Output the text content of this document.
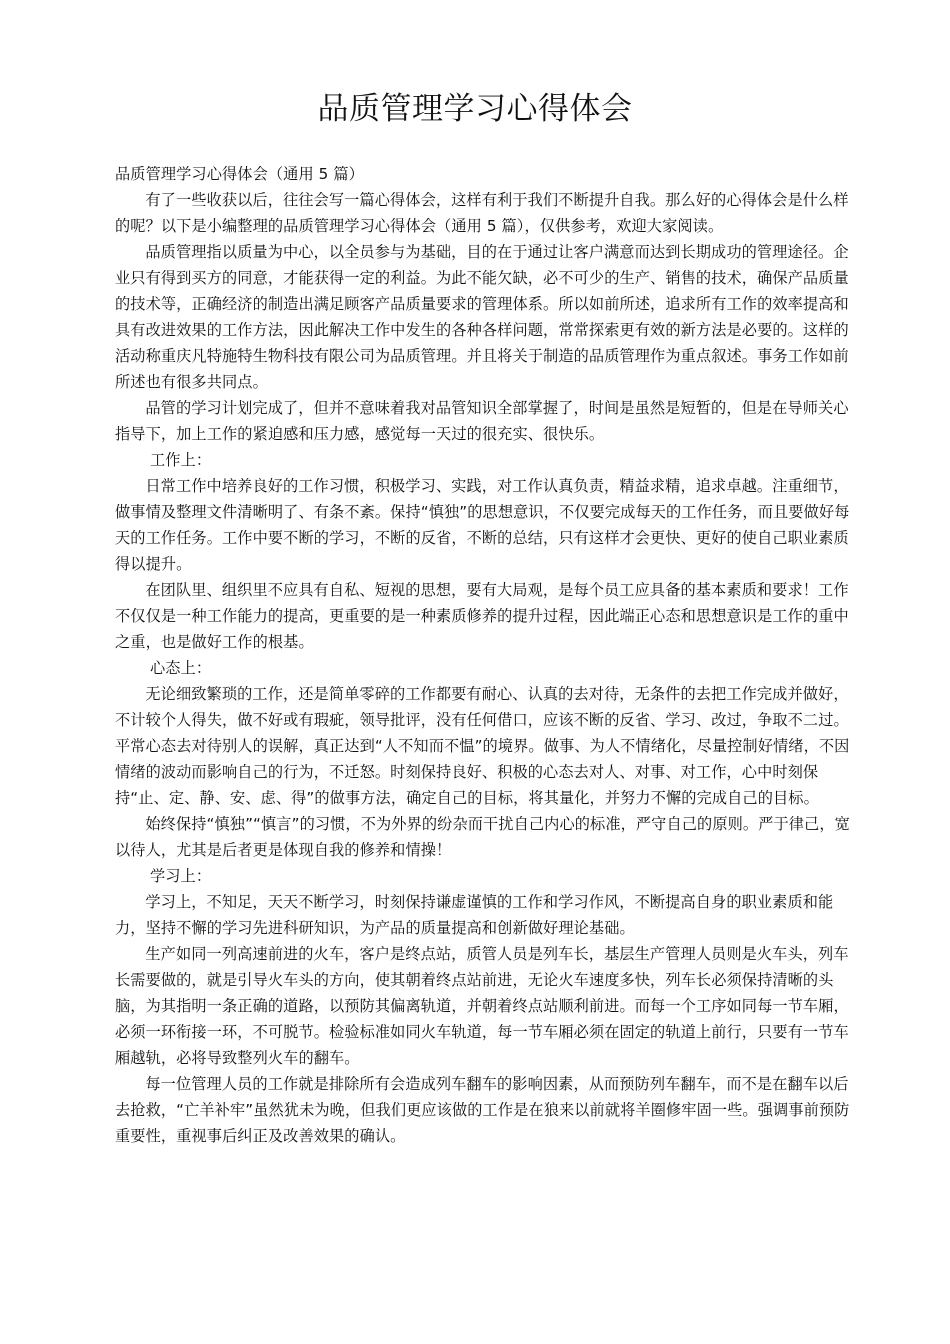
品质管理学习心得体会

品质管理学习心得体会（通用 5 篇）

有了一些收获以后，往往会写一篇心得体会，这样有利于我们不断提升自我。那么好的心得体会是什么样的呢？以下是小编整理的品质管理学习心得体会（通用 5 篇），仅供参考，欢迎大家阅读。

品质管理指以质量为中心，以全员参与为基础，目的在于通过让客户满意而达到长期成功的管理途径。企业只有得到买方的同意，才能获得一定的利益。为此不能欠缺，必不可少的生产、销售的技术，确保产品质量的技术等，正确经济的制造出满足顾客产品质量要求的管理体系。所以如前所述，追求所有工作的效率提高和具有改进效果的工作方法，因此解决工作中发生的各种各样问题，常常探索更有效的新方法是必要的。这样的活动称重庆凡特施特生物科技有限公司为品质管理。并且将关于制造的品质管理作为重点叙述。事务工作如前所述也有很多共同点。

品管的学习计划完成了，但并不意味着我对品管知识全部掌握了，时间是虽然是短暂的，但是在导师关心指导下，加上工作的紧迫感和压力感，感觉每一天过的很充实、很快乐。

工作上：

日常工作中培养良好的工作习惯，积极学习、实践，对工作认真负责，精益求精，追求卓越。注重细节，做事情及整理文件清晰明了、有条不紊。保持“慎独”的思想意识，不仅要完成每天的工作任务，而且要做好每天的工作任务。工作中要不断的学习，不断的反省，不断的总结，只有这样才会更快、更好的使自己职业素质得以提升。

在团队里、组织里不应具有自私、短视的思想，要有大局观，是每个员工应具备的基本素质和要求！工作不仅仅是一种工作能力的提高，更重要的是一种素质修养的提升过程，因此端正心态和思想意识是工作的重中之重，也是做好工作的根基。

心态上：

无论细致繁琐的工作，还是简单零碎的工作都要有耐心、认真的去对待，无条件的去把工作完成并做好，不计较个人得失，做不好或有瑕疵，领导批评，没有任何借口，应该不断的反省、学习、改过，争取不二过。平常心态去对待别人的误解，真正达到“人不知而不愠”的境界。做事、为人不情绪化，尽量控制好情绪，不因情绪的波动而影响自己的行为，不迁怒。时刻保持良好、积极的心态去对人、对事、对工作，心中时刻保持“止、定、静、安、虑、得”的做事方法，确定自己的目标，将其量化，并努力不懈的完成自己的目标。

始终保持“慎独”“慎言”的习惯，不为外界的纷杂而干扰自己内心的标准，严守自己的原则。严于律己，宽以待人，尤其是后者更是体现自我的修养和情操！

学习上：

学习上，不知足，天天不断学习，时刻保持谦虚谨慎的工作和学习作风，不断提高自身的职业素质和能力，坚持不懈的学习先进科研知识，为产品的质量提高和创新做好理论基础。

生产如同一列高速前进的火车，客户是终点站，质管人员是列车长，基层生产管理人员则是火车头，列车长需要做的，就是引导火车头的方向，使其朝着终点站前进，无论火车速度多快，列车长必须保持清晰的头脑，为其指明一条正确的道路，以预防其偏离轨道，并朝着终点站顺利前进。而每一个工序如同每一节车厢，必须一环衔接一环，不可脱节。检验标准如同火车轨道，每一节车厢必须在固定的轨道上前行，只要有一节车厢越轨，必将导致整列火车的翻车。

每一位管理人员的工作就是排除所有会造成列车翻车的影响因素，从而预防列车翻车，而不是在翻车以后去抢救，“亡羊补牢”虽然犹未为晚，但我们更应该做的工作是在狼来以前就将羊圈修牢固一些。强调事前预防重要性，重视事后纠正及改善效果的确认。
